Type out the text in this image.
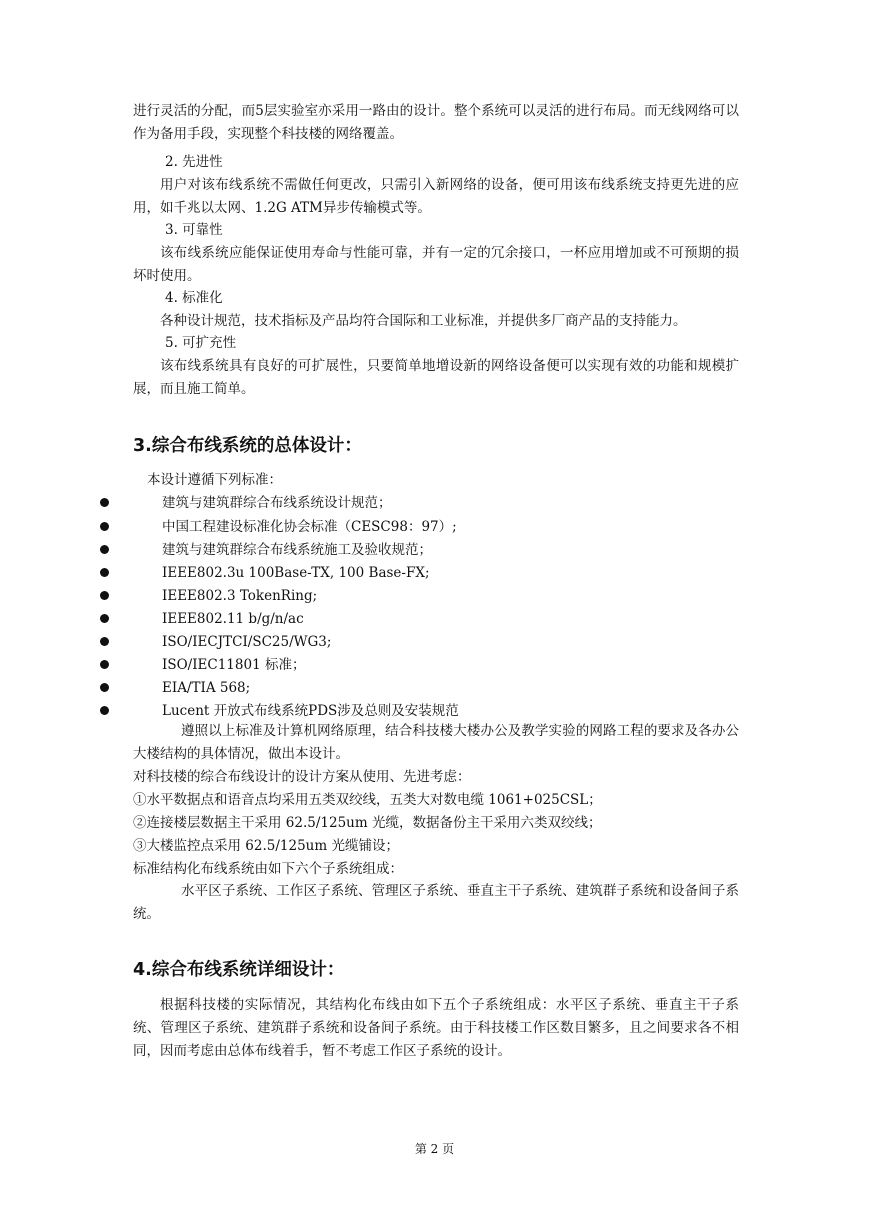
进行灵活的分配，而5层实验室亦采用一路由的设计。整个系统可以灵活的进行布局。而无线网络可以作为备用手段，实现整个科技楼的网络覆盖。

2. 先进性

用户对该布线系统不需做任何更改，只需引入新网络的设备，便可用该布线系统支持更先进的应用，如千兆以太网、1.2G ATM异步传输模式等。

3. 可靠性

该布线系统应能保证使用寿命与性能可靠，并有一定的冗余接口，一杯应用增加或不可预期的损坏时使用。

4. 标准化

各种设计规范，技术指标及产品均符合国际和工业标准，并提供多厂商产品的支持能力。

5. 可扩充性

该布线系统具有良好的可扩展性，只要简单地增设新的网络设备便可以实现有效的功能和规模扩展，而且施工简单。

3.综合布线系统的总体设计：

本设计遵循下列标准：

建筑与建筑群综合布线系统设计规范；
中国工程建设标准化协会标准（CESC98：97）;
建筑与建筑群综合布线系统施工及验收规范；
IEEE802.3u 100Base-TX, 100 Base-FX;
IEEE802.3 TokenRing;
IEEE802.11 b/g/n/ac
ISO/IECJTCI/SC25/WG3;
ISO/IEC11801 标准；
EIA/TIA 568;
Lucent 开放式布线系统PDS涉及总则及安装规范

遵照以上标准及计算机网络原理，结合科技楼大楼办公及教学实验的网路工程的要求及各办公大楼结构的具体情况，做出本设计。

对科技楼的综合布线设计的设计方案从使用、先进考虑：

①水平数据点和语音点均采用五类双绞线，五类大对数电缆 1061+025CSL；

②连接楼层数据主干采用 62.5/125um 光缆，数据备份主干采用六类双绞线；

③大楼监控点采用 62.5/125um 光缆铺设；

标准结构化布线系统由如下六个子系统组成：

水平区子系统、工作区子系统、管理区子系统、垂直主干子系统、建筑群子系统和设备间子系统。

4.综合布线系统详细设计：

根据科技楼的实际情况，其结构化布线由如下五个子系统组成：水平区子系统、垂直主干子系统、管理区子系统、建筑群子系统和设备间子系统。由于科技楼工作区数目繁多，且之间要求各不相同，因而考虑由总体布线着手，暂不考虑工作区子系统的设计。

第 2 页
